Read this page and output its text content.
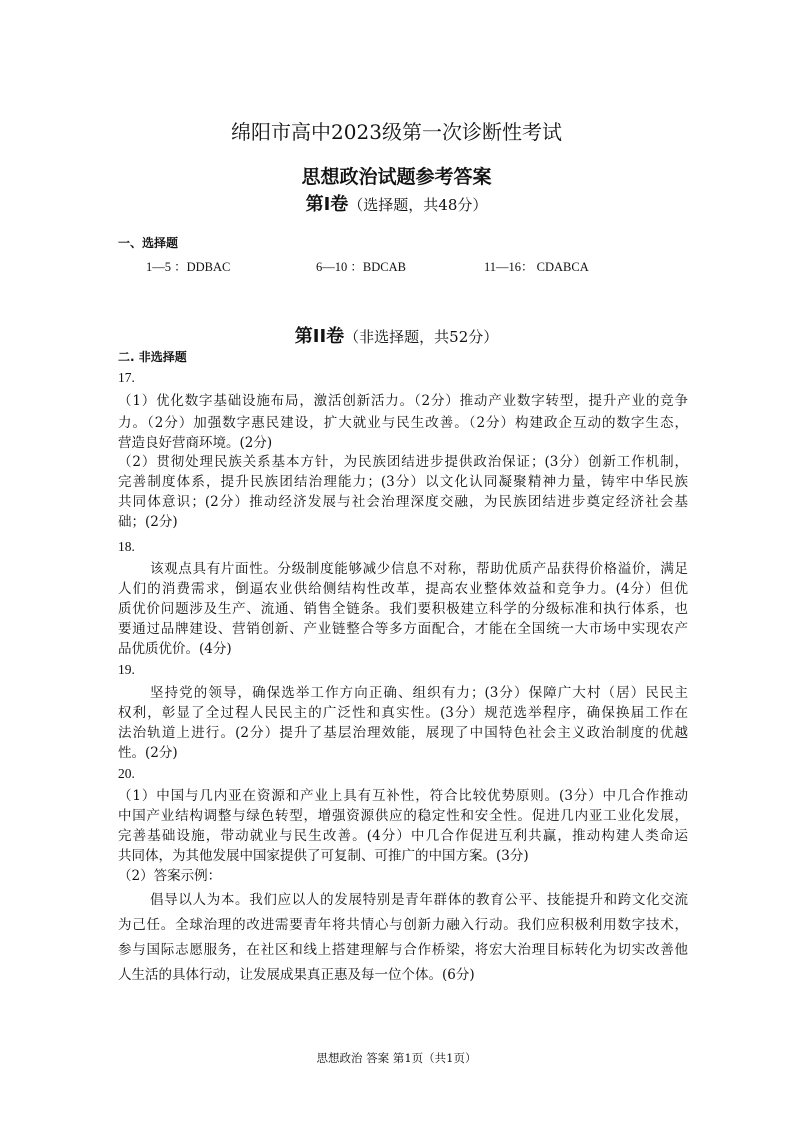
绵阳市高中2023级第一次诊断性考试
思想政治试题参考答案
第I卷（选择题，共48分）
一、选择题
1—5 ：DDBAC	6—10 ：BDCAB	11—16： CDABCA
第II卷（非选择题，共52分）
二. 非选择题
17.
（1）优化数字基础设施布局，激活创新活力。（2分）推动产业数字转型，提升产业的竞争
力。（2分）加强数字惠民建设，扩大就业与民生改善。（2分）构建政企互动的数字生态，
营造良好营商环境。(2分)
（2）贯彻处理民族关系基本方针，为民族团结进步提供政治保证；(3分）创新工作机制，
完善制度体系，提升民族团结治理能力；(3分）以文化认同凝聚精神力量，铸牢中华民族
共同体意识；(2分）推动经济发展与社会治理深度交融，为民族团结进步奠定经济社会基
础；(2分)
18.
该观点具有片面性。分级制度能够减少信息不对称，帮助优质产品获得价格溢价，满足
人们的消费需求，倒逼农业供给侧结构性改革，提高农业整体效益和竞争力。(4分）但优
质优价问题涉及生产、流通、销售全链条。我们要积极建立科学的分级标准和执行体系，也
要通过品牌建设、营销创新、产业链整合等多方面配合，才能在全国统一大市场中实现农产
品优质优价。(4分)
19.
坚持党的领导，确保选举工作方向正确、组织有力；(3分）保障广大村（居）民民主
权利，彰显了全过程人民民主的广泛性和真实性。(3分）规范选举程序，确保换届工作在
法治轨道上进行。(2分）提升了基层治理效能，展现了中国特色社会主义政治制度的优越
性。(2分)
20.
（1）中国与几内亚在资源和产业上具有互补性，符合比较优势原则。(3分）中几合作推动
中国产业结构调整与绿色转型，增强资源供应的稳定性和安全性。促进几内亚工业化发展，
完善基础设施，带动就业与民生改善。(4分）中几合作促进互利共赢，推动构建人类命运
共同体，为其他发展中国家提供了可复制、可推广的中国方案。(3分)
（2）答案示例：
倡导以人为本。我们应以人的发展特别是青年群体的教育公平、技能提升和跨文化交流
为己任。全球治理的改进需要青年将共情心与创新力融入行动。我们应积极利用数字技术，
参与国际志愿服务，在社区和线上搭建理解与合作桥梁，将宏大治理目标转化为切实改善他
人生活的具体行动，让发展成果真正惠及每一位个体。(6分)
思想政治 答案 第1页（共1页）
